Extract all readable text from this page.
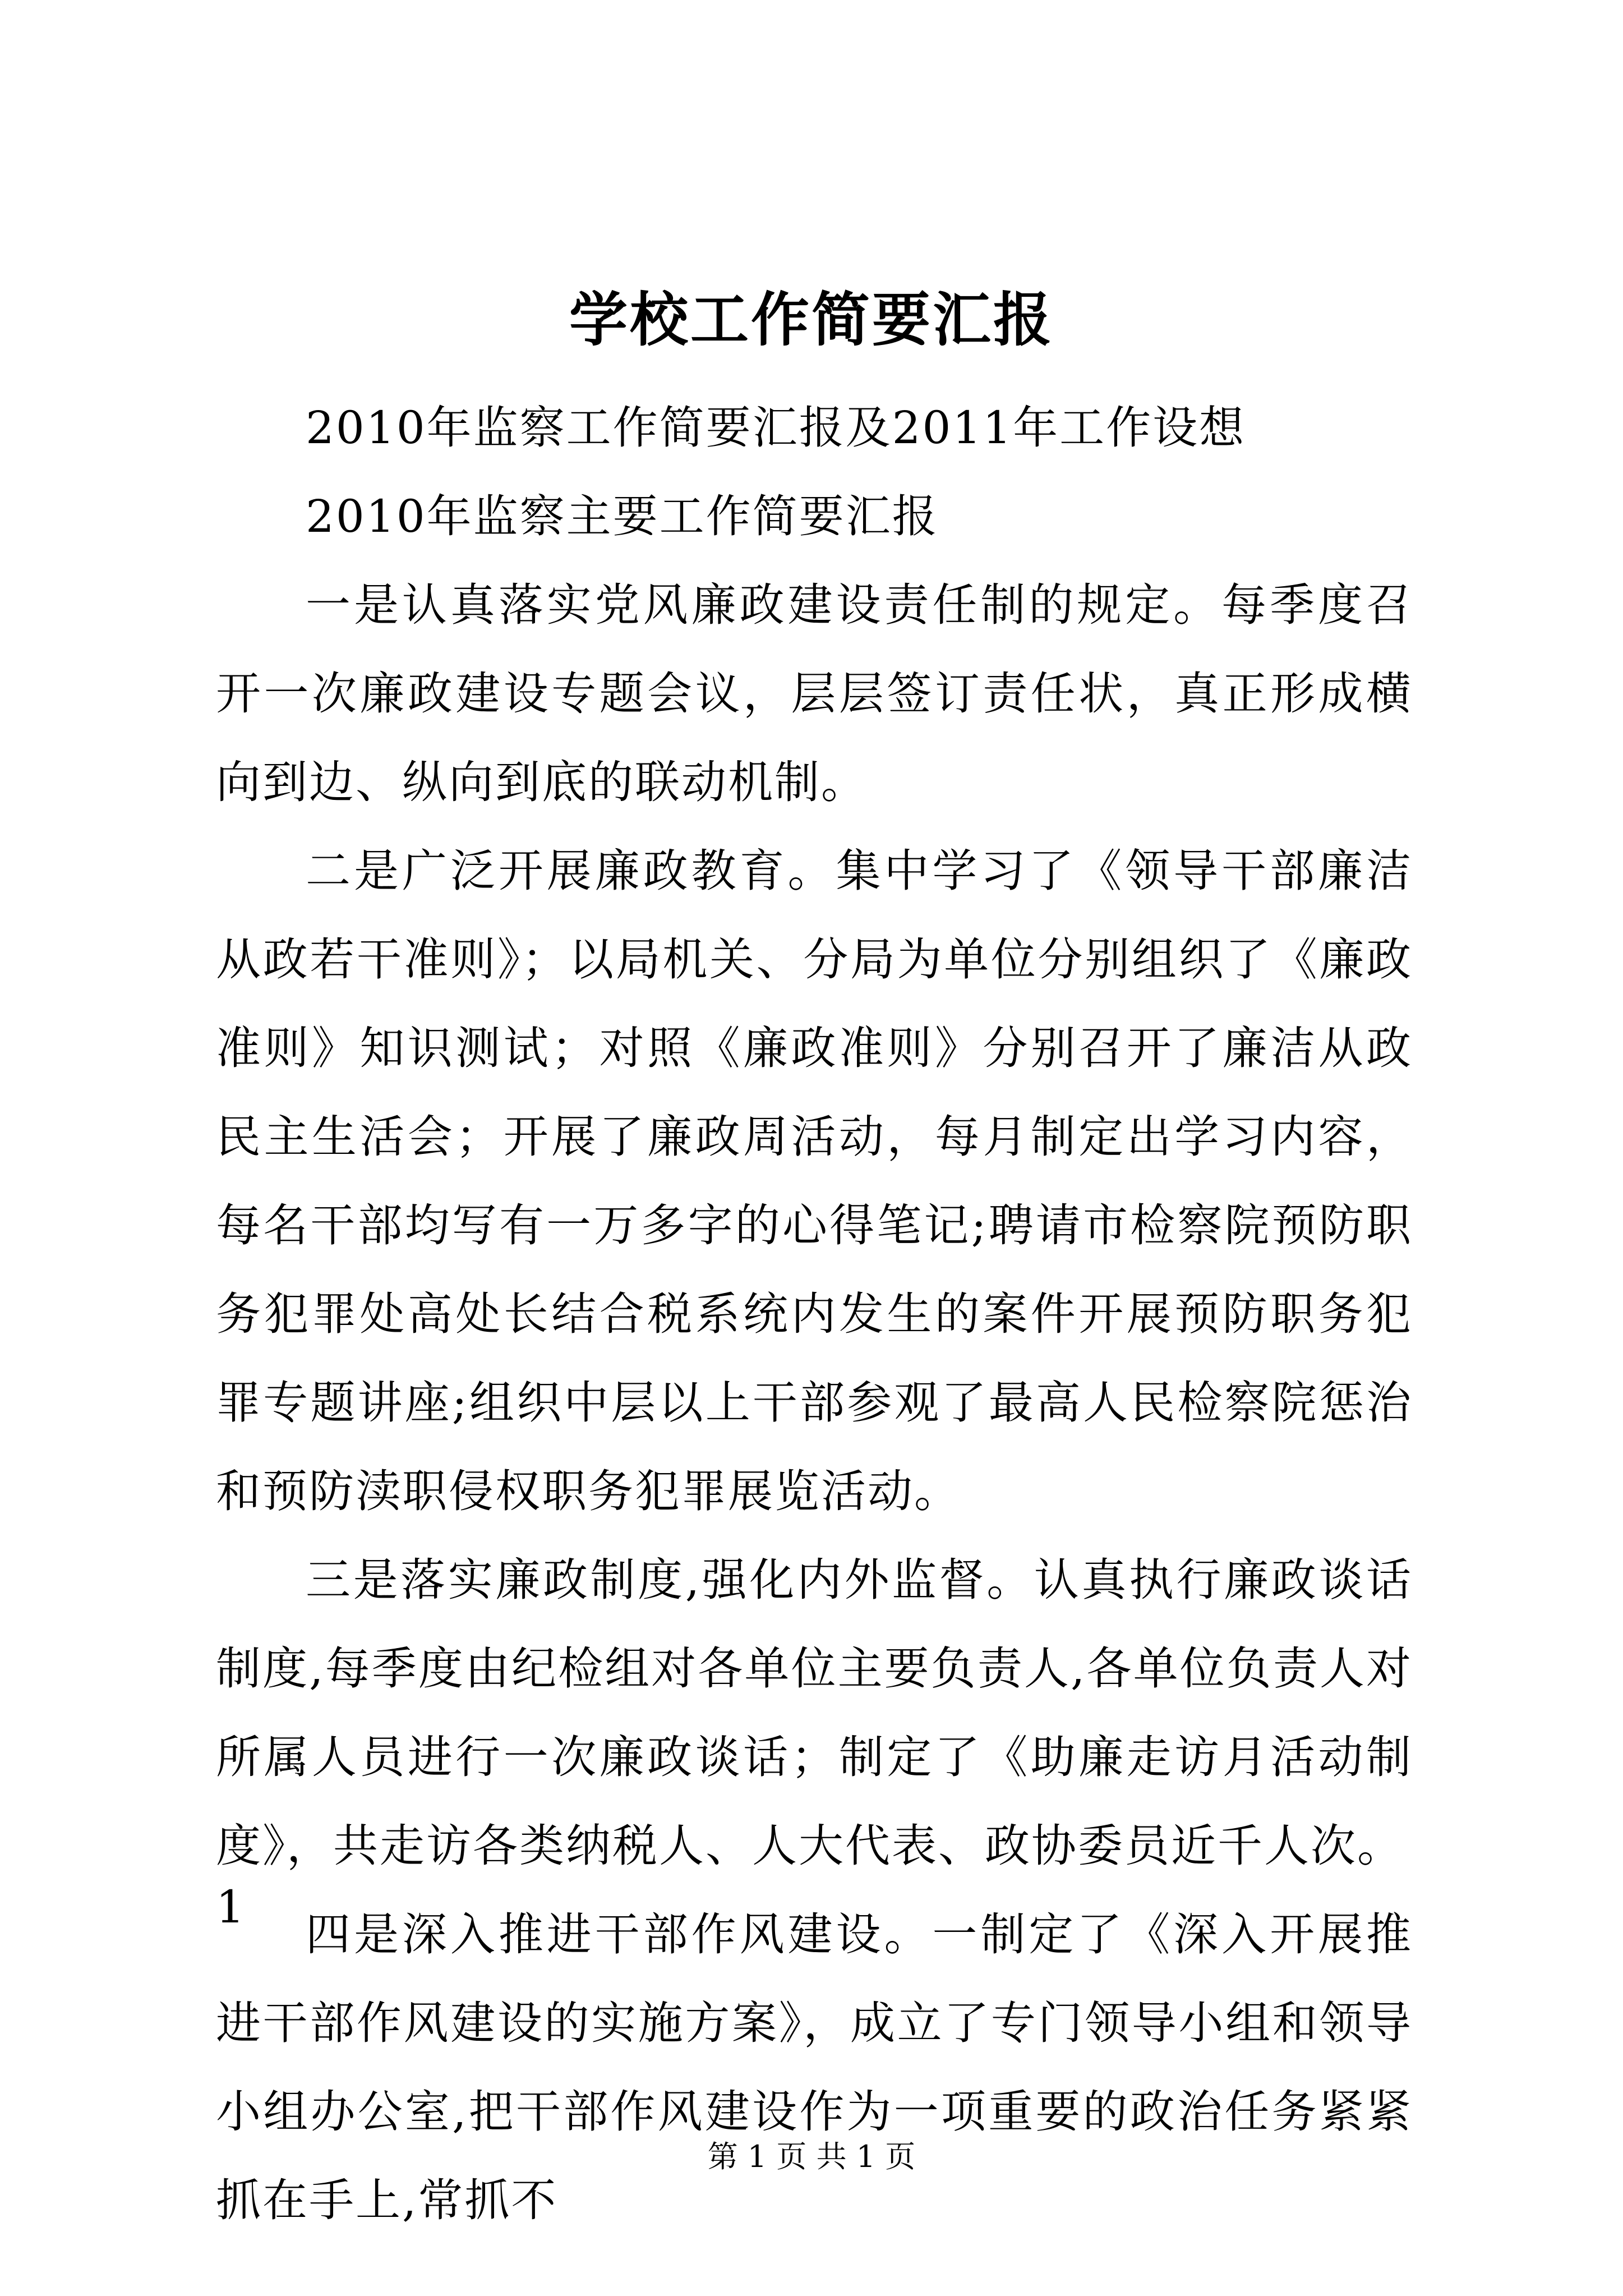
学校工作简要汇报

2010年监察工作简要汇报及2011年工作设想

2010年监察主要工作简要汇报

一是认真落实党风廉政建设责任制的规定。每季度召开一次廉政建设专题会议，层层签订责任状，真正形成横向到边、纵向到底的联动机制。

二是广泛开展廉政教育。集中学习了《领导干部廉洁从政若干准则》；以局机关、分局为单位分别组织了《廉政准则》知识测试；对照《廉政准则》分别召开了廉洁从政民主生活会；开展了廉政周活动，每月制定出学习内容，每名干部均写有一万多字的心得笔记;聘请市检察院预防职务犯罪处高处长结合税系统内发生的案件开展预防职务犯罪专题讲座;组织中层以上干部参观了最高人民检察院惩治和预防渎职侵权职务犯罪展览活动。

三是落实廉政制度,强化内外监督。认真执行廉政谈话制度,每季度由纪检组对各单位主要负责人,各单位负责人对所属人员进行一次廉政谈话；制定了《助廉走访月活动制度》，共走访各类纳税人、人大代表、政协委员近千人次。

四是深入推进干部作风建设。一制定了《深入开展推进干部作风建设的实施方案》，成立了专门领导小组和领导小组办公室,把干部作风建设作为一项重要的政治任务紧紧抓在手上,常抓不

1
第 1 页 共 1 页
